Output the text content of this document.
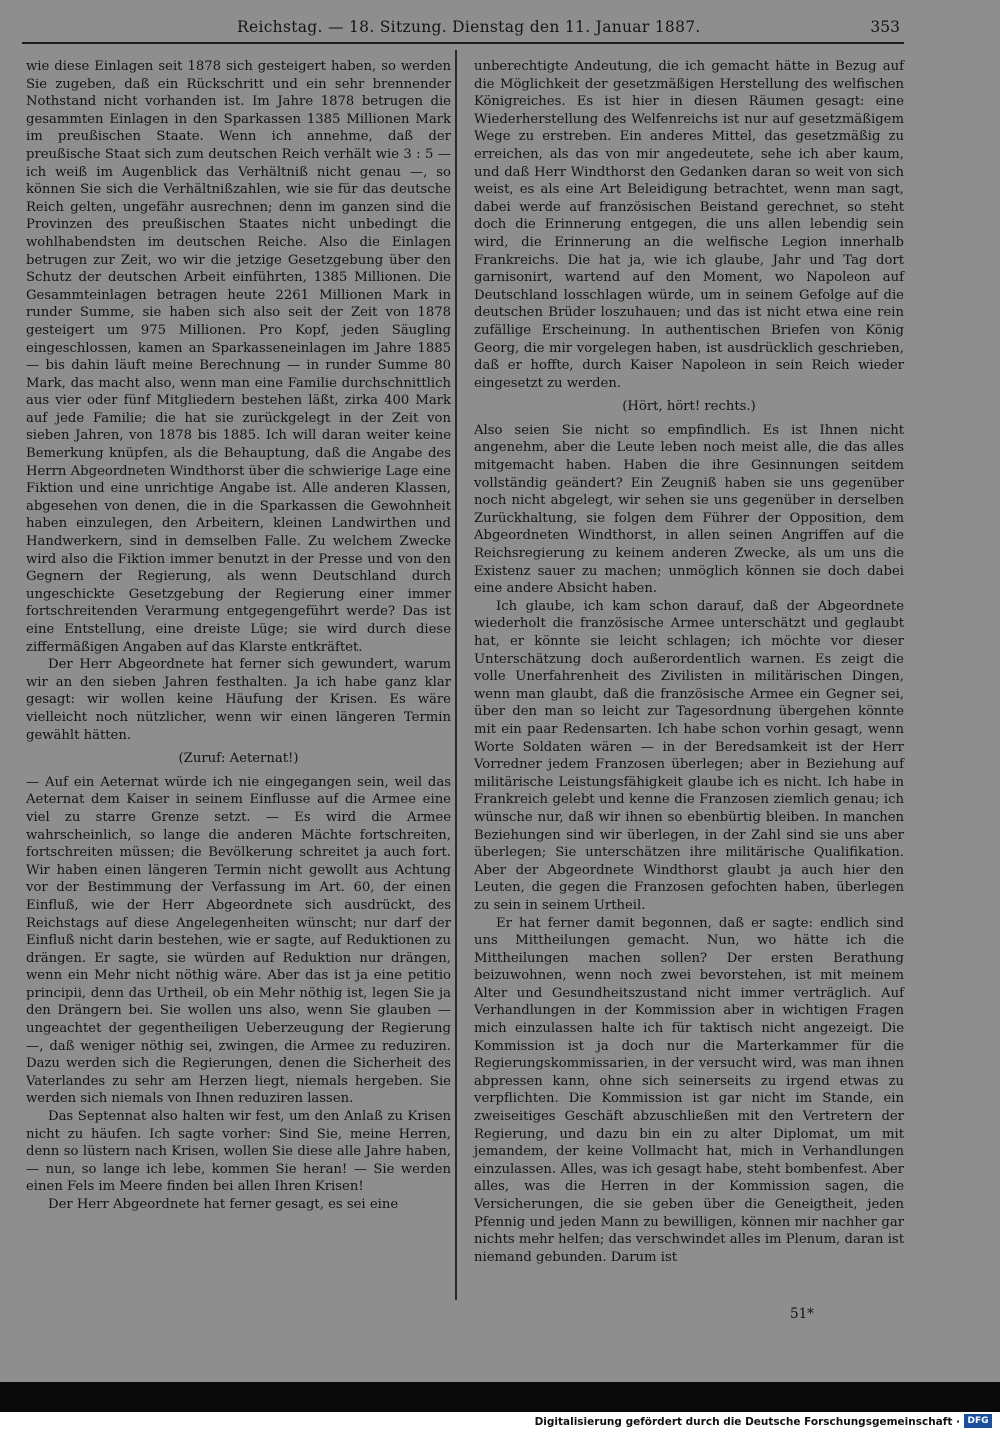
Reichstag. — 18. Sitzung. Dienstag den 11. Januar 1887.	353

wie diese Einlagen seit 1878 sich gesteigert haben, so werden Sie zugeben, daß ein Rückschritt und ein sehr brennender Nothstand nicht vorhanden ist. Im Jahre 1878 betrugen die gesammten Einlagen in den Sparkassen 1385 Millionen Mark im preußischen Staate. Wenn ich annehme, daß der preußische Staat sich zum deutschen Reich verhält wie 3 : 5 — ich weiß im Augenblick das Verhältniß nicht genau —, so können Sie sich die Verhältnißzahlen, wie sie für das deutsche Reich gelten, ungefähr ausrechnen; denn im ganzen sind die Provinzen des preußischen Staates nicht unbedingt die wohlhabendsten im deutschen Reiche. Also die Einlagen betrugen zur Zeit, wo wir die jetzige Gesetzgebung über den Schutz der deutschen Arbeit einführten, 1385 Millionen. Die Gesammteinlagen betragen heute 2261 Millionen Mark in runder Summe, sie haben sich also seit der Zeit von 1878 gesteigert um 975 Millionen. Pro Kopf, jeden Säugling eingeschlossen, kamen an Sparkasseneinlagen im Jahre 1885 — bis dahin läuft meine Berechnung — in runder Summe 80 Mark, das macht also, wenn man eine Familie durchschnittlich aus vier oder fünf Mitgliedern bestehen läßt, zirka 400 Mark auf jede Familie; die hat sie zurückgelegt in der Zeit von sieben Jahren, von 1878 bis 1885. Ich will daran weiter keine Bemerkung knüpfen, als die Behauptung, daß die Angabe des Herrn Abgeordneten Windthorst über die schwierige Lage eine Fiktion und eine unrichtige Angabe ist. Alle anderen Klassen, abgesehen von denen, die in die Sparkassen die Gewohnheit haben einzulegen, den Arbeitern, kleinen Landwirthen und Handwerkern, sind in demselben Falle. Zu welchem Zwecke wird also die Fiktion immer benutzt in der Presse und von den Gegnern der Regierung, als wenn Deutschland durch ungeschickte Gesetzgebung der Regierung einer immer fortschreitenden Verarmung entgegengeführt werde? Das ist eine Entstellung, eine dreiste Lüge; sie wird durch diese ziffermäßigen Angaben auf das Klarste entkräftet.

Der Herr Abgeordnete hat ferner sich gewundert, warum wir an den sieben Jahren festhalten. Ja ich habe ganz klar gesagt: wir wollen keine Häufung der Krisen. Es wäre vielleicht noch nützlicher, wenn wir einen längeren Termin gewählt hätten.

(Zuruf: Aeternat!)

— Auf ein Aeternat würde ich nie eingegangen sein, weil das Aeternat dem Kaiser in seinem Einflusse auf die Armee eine viel zu starre Grenze setzt. — Es wird die Armee wahrscheinlich, so lange die anderen Mächte fortschreiten, fortschreiten müssen; die Bevölkerung schreitet ja auch fort. Wir haben einen längeren Termin nicht gewollt aus Achtung vor der Bestimmung der Verfassung im Art. 60, der einen Einfluß, wie der Herr Abgeordnete sich ausdrückt, des Reichstags auf diese Angelegenheiten wünscht; nur darf der Einfluß nicht darin bestehen, wie er sagte, auf Reduktionen zu drängen. Er sagte, sie würden auf Reduktion nur drängen, wenn ein Mehr nicht nöthig wäre. Aber das ist ja eine petitio principii, denn das Urtheil, ob ein Mehr nöthig ist, legen Sie ja den Drängern bei. Sie wollen uns also, wenn Sie glauben — ungeachtet der gegentheiligen Ueberzeugung der Regierung —, daß weniger nöthig sei, zwingen, die Armee zu reduziren. Dazu werden sich die Regierungen, denen die Sicherheit des Vaterlandes zu sehr am Herzen liegt, niemals hergeben. Sie werden sich niemals von Ihnen reduziren lassen.

Das Septennat also halten wir fest, um den Anlaß zu Krisen nicht zu häufen. Ich sagte vorher: Sind Sie, meine Herren, denn so lüstern nach Krisen, wollen Sie diese alle Jahre haben, — nun, so lange ich lebe, kommen Sie heran! — Sie werden einen Fels im Meere finden bei allen Ihren Krisen!

Der Herr Abgeordnete hat ferner gesagt, es sei eine

unberechtigte Andeutung, die ich gemacht hätte in Bezug auf die Möglichkeit der gesetzmäßigen Herstellung des welfischen Königreiches. Es ist hier in diesen Räumen gesagt: eine Wiederherstellung des Welfenreichs ist nur auf gesetzmäßigem Wege zu erstreben. Ein anderes Mittel, das gesetzmäßig zu erreichen, als das von mir angedeutete, sehe ich aber kaum, und daß Herr Windthorst den Gedanken daran so weit von sich weist, es als eine Art Beleidigung betrachtet, wenn man sagt, dabei werde auf französischen Beistand gerechnet, so steht doch die Erinnerung entgegen, die uns allen lebendig sein wird, die Erinnerung an die welfische Legion innerhalb Frankreichs. Die hat ja, wie ich glaube, Jahr und Tag dort garnisonirt, wartend auf den Moment, wo Napoleon auf Deutschland losschlagen würde, um in seinem Gefolge auf die deutschen Brüder loszuhauen; und das ist nicht etwa eine rein zufällige Erscheinung. In authentischen Briefen von König Georg, die mir vorgelegen haben, ist ausdrücklich geschrieben, daß er hoffte, durch Kaiser Napoleon in sein Reich wieder eingesetzt zu werden.

(Hört, hört! rechts.)

Also seien Sie nicht so empfindlich. Es ist Ihnen nicht angenehm, aber die Leute leben noch meist alle, die das alles mitgemacht haben. Haben die ihre Gesinnungen seitdem vollständig geändert? Ein Zeugniß haben sie uns gegenüber noch nicht abgelegt, wir sehen sie uns gegenüber in derselben Zurückhaltung, sie folgen dem Führer der Opposition, dem Abgeordneten Windthorst, in allen seinen Angriffen auf die Reichsregierung zu keinem anderen Zwecke, als um uns die Existenz sauer zu machen; unmöglich können sie doch dabei eine andere Absicht haben.

Ich glaube, ich kam schon darauf, daß der Abgeordnete wiederholt die französische Armee unterschätzt und geglaubt hat, er könnte sie leicht schlagen; ich möchte vor dieser Unterschätzung doch außerordentlich warnen. Es zeigt die volle Unerfahrenheit des Zivilisten in militärischen Dingen, wenn man glaubt, daß die französische Armee ein Gegner sei, über den man so leicht zur Tagesordnung übergehen könnte mit ein paar Redensarten. Ich habe schon vorhin gesagt, wenn Worte Soldaten wären — in der Beredsamkeit ist der Herr Vorredner jedem Franzosen überlegen; aber in Beziehung auf militärische Leistungsfähigkeit glaube ich es nicht. Ich habe in Frankreich gelebt und kenne die Franzosen ziemlich genau; ich wünsche nur, daß wir ihnen so ebenbürtig bleiben. In manchen Beziehungen sind wir überlegen, in der Zahl sind sie uns aber überlegen; Sie unterschätzen ihre militärische Qualifikation. Aber der Abgeordnete Windthorst glaubt ja auch hier den Leuten, die gegen die Franzosen gefochten haben, überlegen zu sein in seinem Urtheil.

Er hat ferner damit begonnen, daß er sagte: endlich sind uns Mittheilungen gemacht. Nun, wo hätte ich die Mittheilungen machen sollen? Der ersten Berathung beizuwohnen, wenn noch zwei bevorstehen, ist mit meinem Alter und Gesundheitszustand nicht immer verträglich. Auf Verhandlungen in der Kommission aber in wichtigen Fragen mich einzulassen halte ich für taktisch nicht angezeigt. Die Kommission ist ja doch nur die Marterkammer für die Regierungskommissarien, in der versucht wird, was man ihnen abpressen kann, ohne sich seinerseits zu irgend etwas zu verpflichten. Die Kommission ist gar nicht im Stande, ein zweiseitiges Geschäft abzuschließen mit den Vertretern der Regierung, und dazu bin ein zu alter Diplomat, um mit jemandem, der keine Vollmacht hat, mich in Verhandlungen einzulassen. Alles, was ich gesagt habe, steht bombenfest. Aber alles, was die Herren in der Kommission sagen, die Versicherungen, die sie geben über die Geneigtheit, jeden Pfennig und jeden Mann zu bewilligen, können mir nachher gar nichts mehr helfen; das verschwindet alles im Plenum, daran ist niemand gebunden. Darum ist

51*
Digitalisierung gefördert durch die Deutsche Forschungsgemeinschaft · DFG
